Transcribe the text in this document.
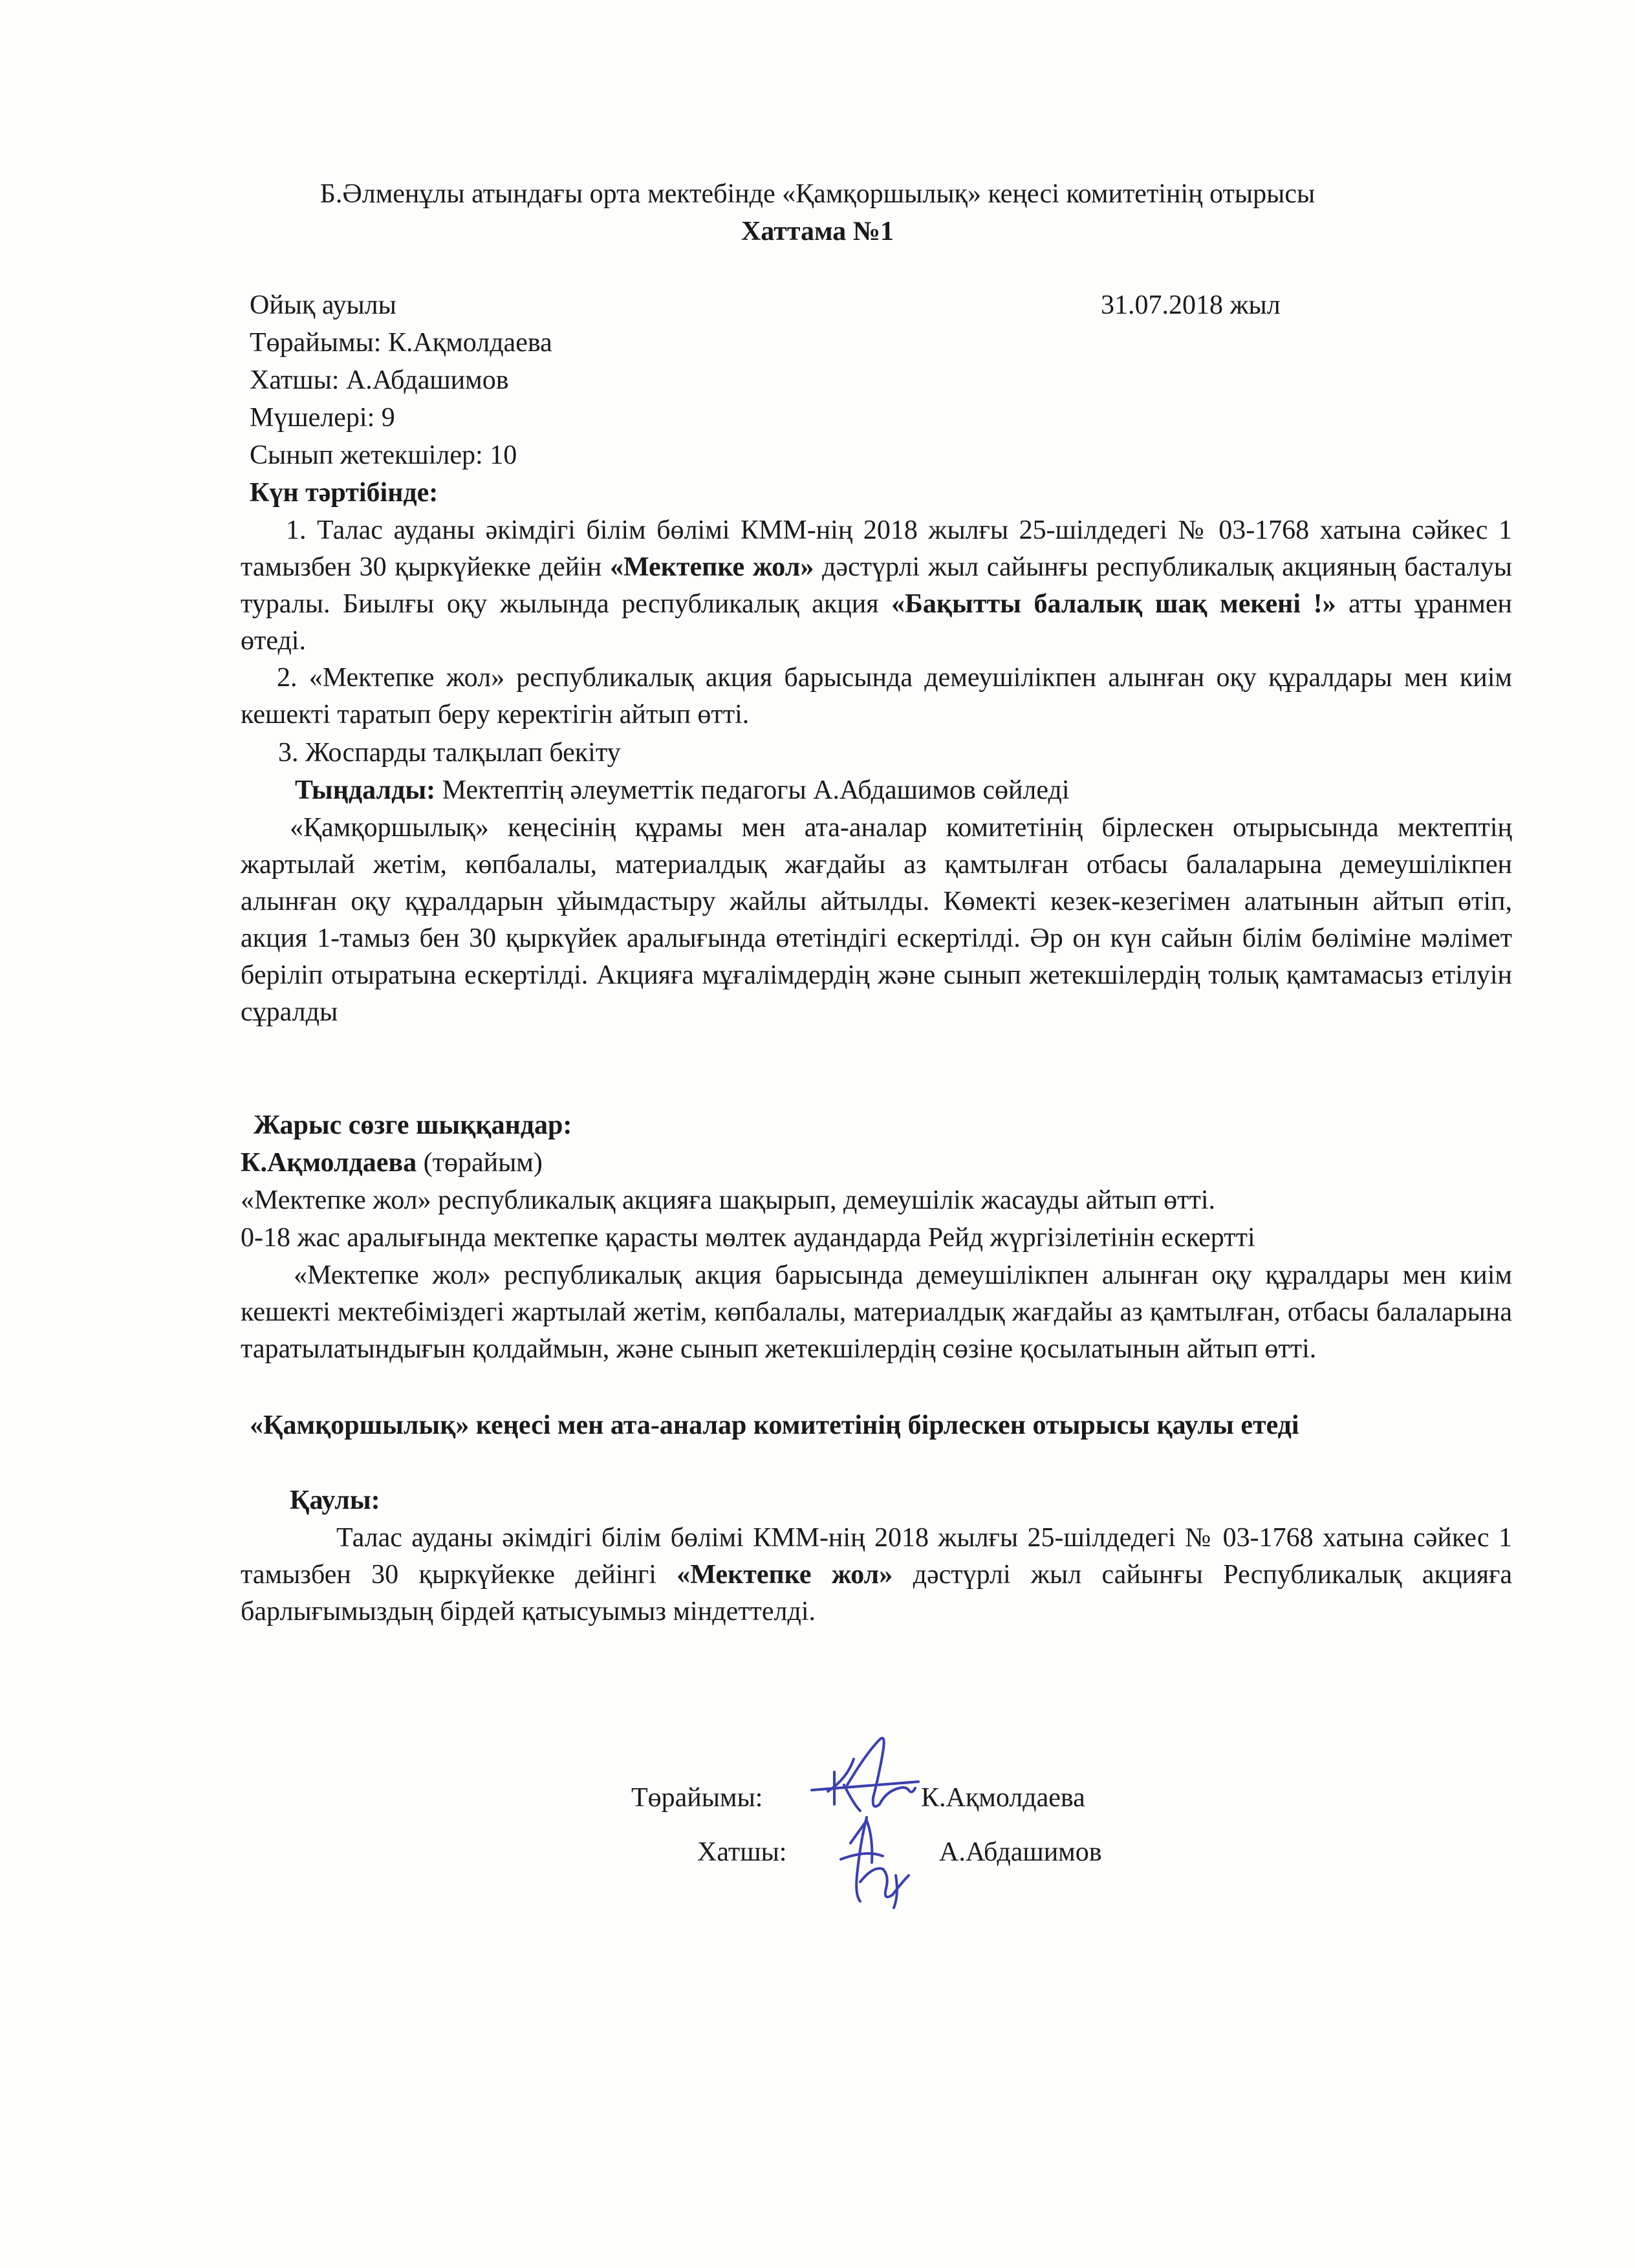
Б.Әлменұлы атындағы орта мектебінде «Қамқоршылық» кеңесі комитетінің отырысы
Хаттама №1
Ойық ауылы	31.07.2018 жыл
Төрайымы: К.Ақмолдаева
Хатшы: А.Абдашимов
Мүшелері: 9
Сынып жетекшілер: 10
Күн тәртібінде:
1. Талас ауданы әкімдігі білім бөлімі КММ-нің 2018 жылғы 25-шілдедегі № 03-1768 хатына сәйкес 1 тамызбен 30 қыркүйекке дейін «Мектепке жол» дәстүрлі жыл сайынғы республикалық акцияның басталуы туралы. Биылғы оқу жылында республикалық акция «Бақытты балалық шақ мекені !» атты ұранмен өтеді.
2. «Мектепке жол» республикалық акция барысында демеушілікпен алынған оқу құралдары мен киім кешекті таратып беру керектігін айтып өтті.
3. Жоспарды талқылап бекіту
Тыңдалды: Мектептің әлеуметтік педагогы А.Абдашимов сөйледі
«Қамқоршылық» кеңесінің құрамы мен ата-аналар комитетінің бірлескен отырысында мектептің жартылай жетім, көпбалалы, материалдық жағдайы аз қамтылған отбасы балаларына демеушілікпен алынған оқу құралдарын ұйымдастыру жайлы айтылды. Көмекті кезек-кезегімен алатынын айтып өтіп, акция 1-тамыз бен 30 қыркүйек аралығында өтетіндігі ескертілді. Әр он күн сайын білім бөліміне мәлімет беріліп отыратына ескертілді. Акцияға мұғалімдердің және сынып жетекшілердің толық қамтамасыз етілуін сұралды
Жарыс сөзге шыққандар:
К.Ақмолдаева (төрайым)
«Мектепке жол» республикалық акцияға шақырып, демеушілік жасауды айтып өтті.
0-18 жас аралығында мектепке қарасты мөлтек аудандарда Рейд жүргізілетінін ескертті
«Мектепке жол» республикалық акция барысында демеушілікпен алынған оқу құралдары мен киім кешекті мектебіміздегі жартылай жетім, көпбалалы, материалдық жағдайы аз қамтылған, отбасы балаларына таратылатындығын қолдаймын, және сынып жетекшілердің сөзіне қосылатынын айтып өтті.
«Қамқоршылық» кеңесі мен ата-аналар комитетінің бірлескен отырысы қаулы етеді
Қаулы:
Талас ауданы әкімдігі білім бөлімі КММ-нің 2018 жылғы 25-шілдедегі № 03-1768 хатына сәйкес 1 тамызбен 30 қыркүйекке дейінгі «Мектепке жол» дәстүрлі жыл сайынғы Республикалық акцияға барлығымыздың бірдей қатысуымыз міндеттелді.
Төрайымы:	К.Ақмолдаева
Хатшы:	А.Абдашимов
